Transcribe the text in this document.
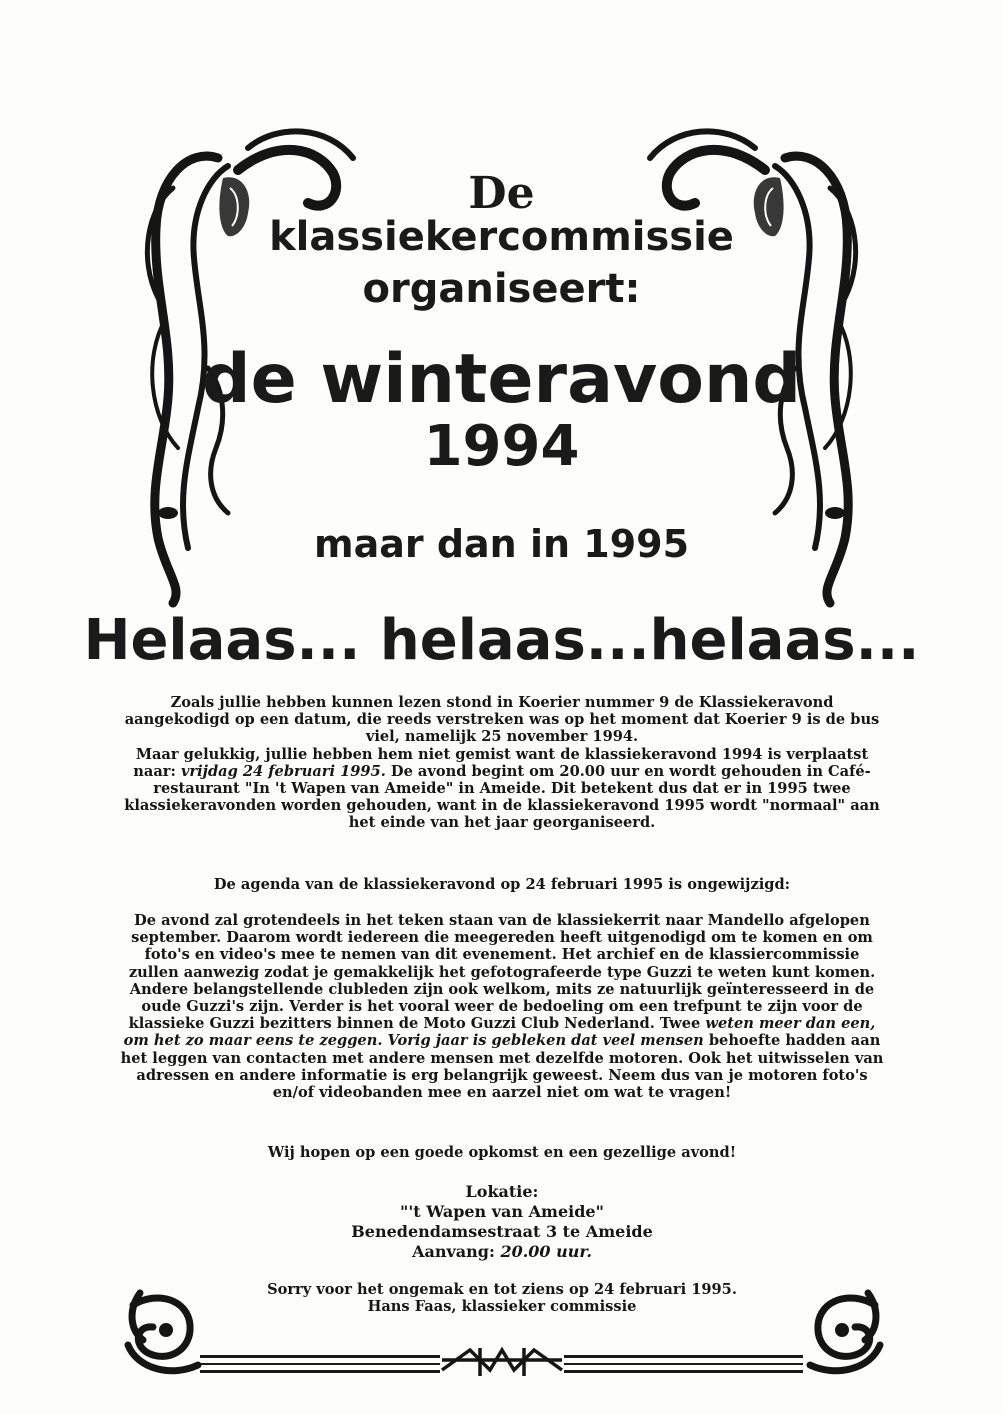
De
klassiekercommissie
organiseert:
de winteravond
1994
maar dan in 1995
Helaas... helaas...helaas...

Zoals jullie hebben kunnen lezen stond in Koerier nummer 9 de Klassiekeravond aangekodigd op een datum, die reeds verstreken was op het moment dat Koerier 9 is de bus viel, namelijk 25 november 1994.

Maar gelukkig, jullie hebben hem niet gemist want de klassiekeravond 1994 is verplaatst naar: vrijdag 24 februari 1995. De avond begint om 20.00 uur en wordt gehouden in Café-restaurant "In 't Wapen van Ameide" in Ameide. Dit betekent dus dat er in 1995 twee klassiekeravonden worden gehouden, want in de klassiekeravond 1995 wordt "normaal" aan het einde van het jaar georganiseerd.

De agenda van de klassiekeravond op 24 februari 1995 is ongewijzigd:

De avond zal grotendeels in het teken staan van de klassiekerrit naar Mandello afgelopen september. Daarom wordt iedereen die meegereden heeft uitgenodigd om te komen en om foto's en video's mee te nemen van dit evenement. Het archief en de klassiercommissie zullen aanwezig zodat je gemakkelijk het gefotografeerde type Guzzi te weten kunt komen.

Andere belangstellende clubleden zijn ook welkom, mits ze natuurlijk geïnteresseerd in de oude Guzzi's zijn. Verder is het vooral weer de bedoeling om een trefpunt te zijn voor de klassieke Guzzi bezitters binnen de Moto Guzzi Club Nederland. Twee weten meer dan een, om het zo maar eens te zeggen. Vorig jaar is gebleken dat veel mensen behoefte hadden aan het leggen van contacten met andere mensen met dezelfde motoren. Ook het uitwisselen van adressen en andere informatie is erg belangrijk geweest. Neem dus van je motoren foto's en/of videobanden mee en aarzel niet om wat te vragen!

Wij hopen op een goede opkomst en een gezellige avond!
Lokatie:
"'t Wapen van Ameide"
Benedendamsestraat 3 te Ameide
Aanvang: 20.00 uur.
Sorry voor het ongemak en tot ziens op 24 februari 1995.
Hans Faas, klassieker commissie
